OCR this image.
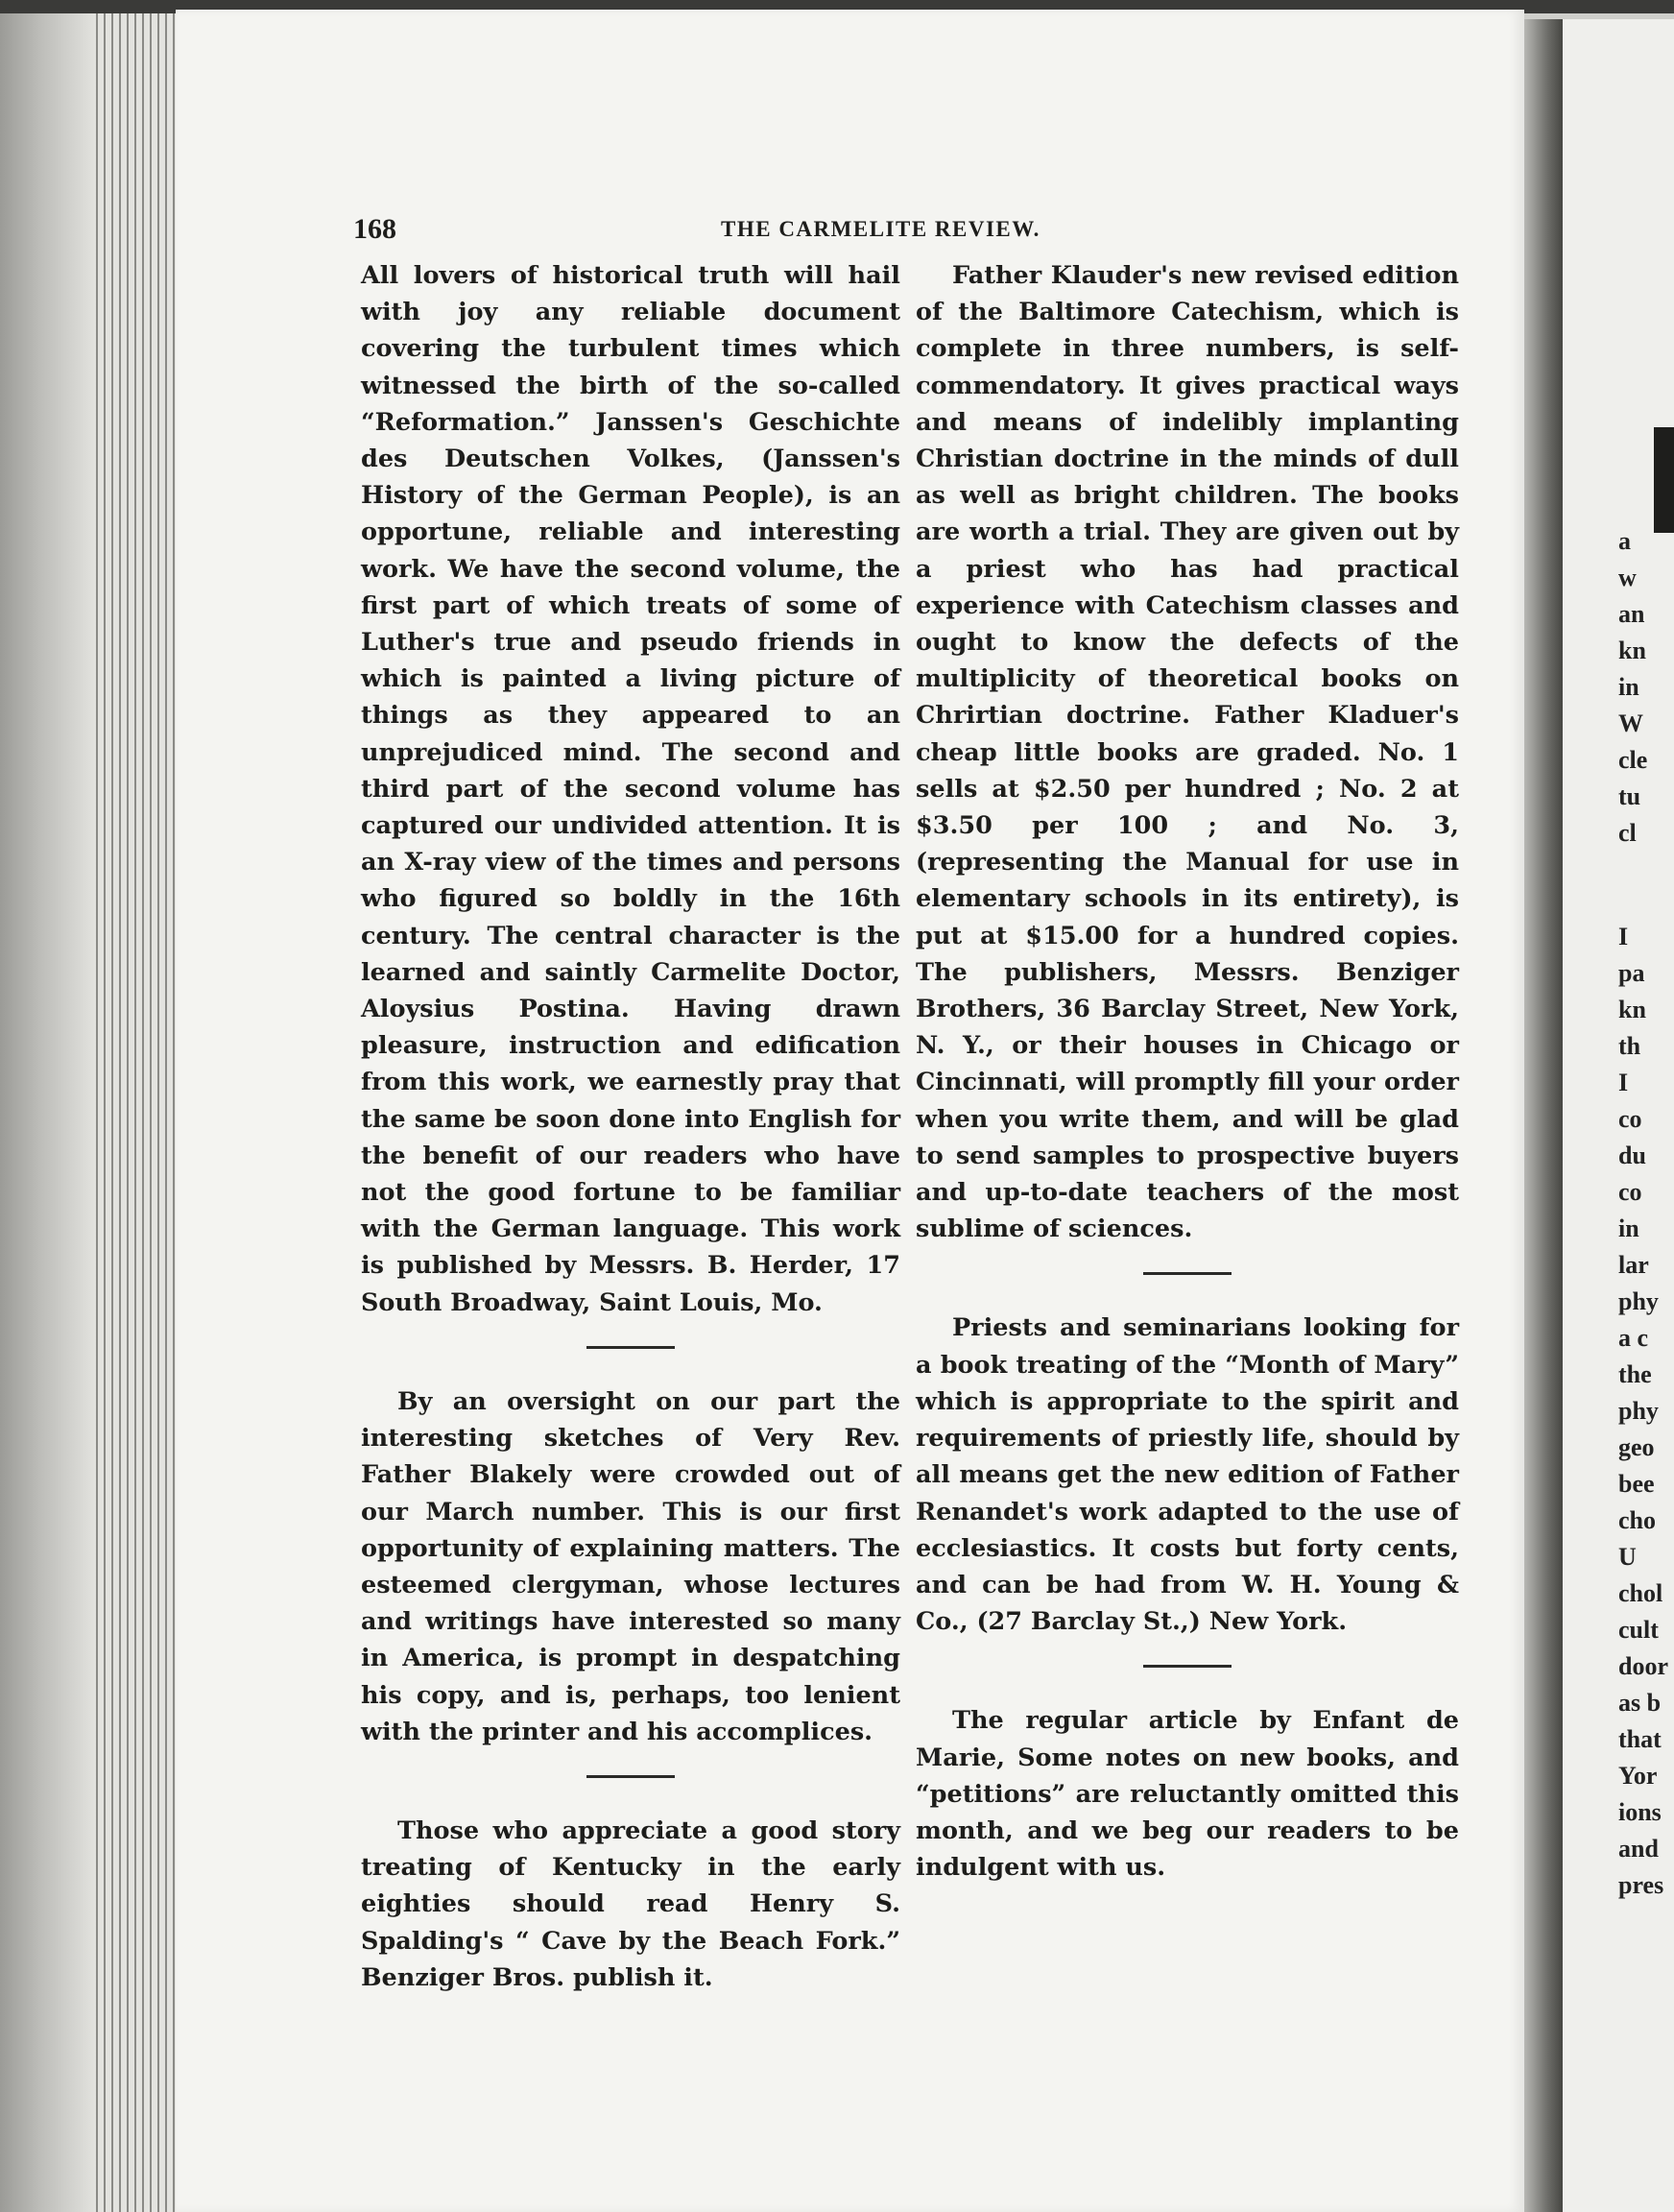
168	THE CARMELITE REVIEW.

All lovers of historical truth will hail with joy any reliable document covering the turbulent times which witnessed the birth of the so-called “Reformation.” Janssen's Geschichte des Deutschen Volkes, (Janssen's History of the German People), is an opportune, reliable and interesting work. We have the second volume, the first part of which treats of some of Luther's true and pseudo friends in which is painted a living picture of things as they appeared to an unprejudiced mind. The second and third part of the second volume has captured our undivided attention. It is an X-ray view of the times and persons who figured so boldly in the 16th century. The central character is the learned and saintly Carmelite Doctor, Aloysius Postina. Having drawn pleasure, instruction and edification from this work, we earnestly pray that the same be soon done into English for the benefit of our readers who have not the good fortune to be familiar with the German language. This work is published by Messrs. B. Herder, 17 South Broadway, Saint Louis, Mo.

By an oversight on our part the interesting sketches of Very Rev. Father Blakely were crowded out of our March number. This is our first opportunity of explaining matters. The esteemed clergyman, whose lectures and writings have interested so many in America, is prompt in despatching his copy, and is, perhaps, too lenient with the printer and his accomplices.

Those who appreciate a good story treating of Kentucky in the early eighties should read Henry S. Spalding's “ Cave by the Beach Fork.” Benziger Bros. publish it.

Father Klauder's new revised edition of the Baltimore Catechism, which is complete in three numbers, is self-commendatory. It gives practical ways and means of indelibly implanting Christian doctrine in the minds of dull as well as bright children. The books are worth a trial. They are given out by a priest who has had practical experience with Catechism classes and ought to know the defects of the multiplicity of theoretical books on Chrirtian doctrine. Father Kladuer's cheap little books are graded. No. 1 sells at $2.50 per hundred ; No. 2 at $3.50 per 100 ; and No. 3, (representing the Manual for use in elementary schools in its entirety), is put at $15.00 for a hundred copies. The publishers, Messrs. Benziger Brothers, 36 Barclay Street, New York, N. Y., or their houses in Chicago or Cincinnati, will promptly fill your order when you write them, and will be glad to send samples to prospective buyers and up-to-date teachers of the most sublime of sciences.

Priests and seminarians looking for a book treating of the “Month of Mary” which is appropriate to the spirit and requirements of priestly life, should by all means get the new edition of Father Renandet's work adapted to the use of ecclesiastics. It costs but forty cents, and can be had from W. H. Young & Co., (27 Barclay St.,) New York.

The regular article by Enfant de Marie, Some notes on new books, and “petitions” are reluctantly omitted this month, and we beg our readers to be indulgent with us.

a
w
an
kn
in
W
cle
tu
cl
I
pa
kn
th
I
co
du
co
in
lar
phy
a c
the
phy
geo
bee
cho
U
chol
cult
door
as b
that
Yor
ions
and
pres
